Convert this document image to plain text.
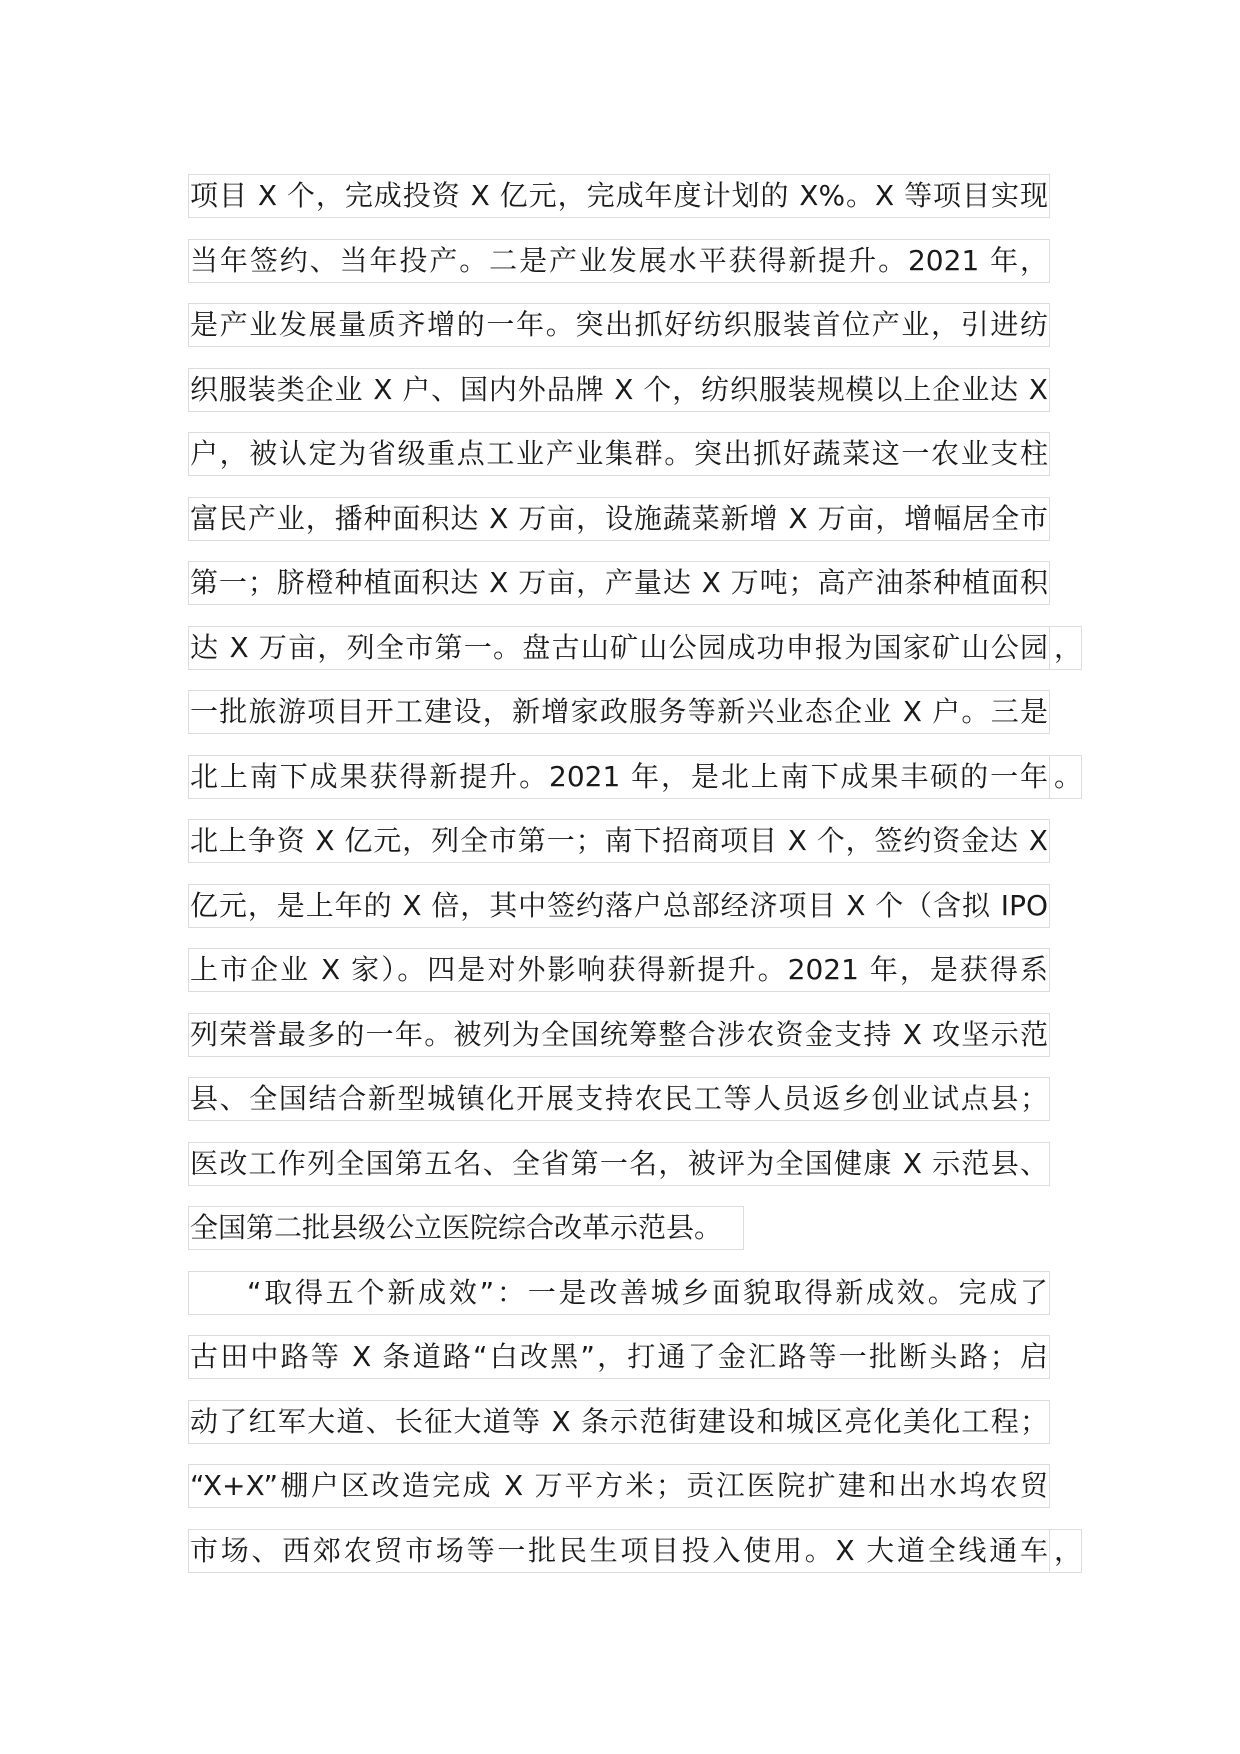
项目 X 个，完成投资 X 亿元，完成年度计划的 X%。X 等项目实现
当年签约、当年投产。二是产业发展水平获得新提升。2021 年，
是产业发展量质齐增的一年。突出抓好纺织服装首位产业，引进纺
织服装类企业 X 户、国内外品牌 X 个，纺织服装规模以上企业达 X
户，被认定为省级重点工业产业集群。突出抓好蔬菜这一农业支柱
富民产业，播种面积达 X 万亩，设施蔬菜新增 X 万亩，增幅居全市
第一；脐橙种植面积达 X 万亩，产量达 X 万吨；高产油茶种植面积
达 X 万亩，列全市第一。盘古山矿山公园成功申报为国家矿山公园 ，
一批旅游项目开工建设，新增家政服务等新兴业态企业 X 户。三是
北上南下成果获得新提升。2021 年，是北上南下成果丰硕的一年 。
北上争资 X 亿元，列全市第一；南下招商项目 X 个，签约资金达 X
亿元，是上年的 X 倍，其中签约落户总部经济项目 X 个（含拟 IPO
上市企业 X 家）。四是对外影响获得新提升。2021 年，是获得系
列荣誉最多的一年。被列为全国统筹整合涉农资金支持 X 攻坚示范
县、全国结合新型城镇化开展支持农民工等人员返乡创业试点县；
医改工作列全国第五名、全省第一名，被评为全国健康 X 示范县、
全国第二批县级公立医院综合改革示范县。
“取得五个新成效”：一是改善城乡面貌取得新成效。完成了
古田中路等 X 条道路“白改黑”，打通了金汇路等一批断头路；启
动了红军大道、长征大道等 X 条示范街建设和城区亮化美化工程；
“X+X”棚户区改造完成 X 万平方米；贡江医院扩建和出水坞农贸
市场、西郊农贸市场等一批民生项目投入使用。X 大道全线通车 ，
